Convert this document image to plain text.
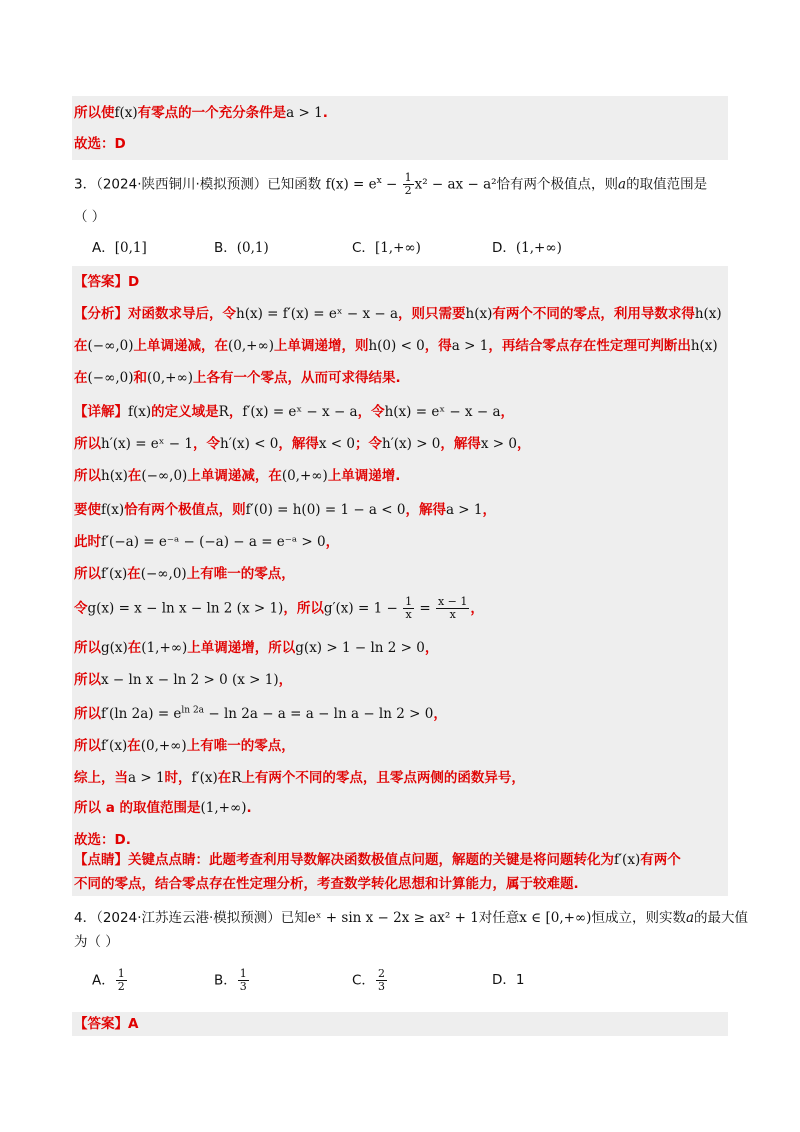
所以使f(x)有零点的一个充分条件是a > 1.
故选：D
3．（2024·陕西铜川·模拟预测）已知函数 $f(x) = e^x - \frac{1}{2} x^2$ − ax − a²恰有两个极值点，则a的取值范围是
（ ）
A．[0,1]	B．(0,1)	C．[1,+∞)	D．(1,+∞)
【答案】D
【分析】对函数求导后，令h(x) = f′(x) = eˣ − x − a，则只需要h(x)有两个不同的零点，利用导数求得h(x)
在(−∞,0)上单调递减，在(0,+∞)上单调递增，则h(0) < 0，得a > 1，再结合零点存在性定理可判断出h(x)
在(−∞,0)和(0,+∞)上各有一个零点，从而可求得结果.
【详解】f(x)的定义域是R，f′(x) = eˣ − x − a，令h(x) = eˣ − x − a，
所以h′(x) = eˣ − 1，令h′(x) < 0，解得x < 0；令h′(x) > 0，解得x > 0，
所以h(x)在(−∞,0)上单调递减，在(0,+∞)上单调递增.
要使f(x)恰有两个极值点，则f′(0) = h(0) = 1 − a < 0，解得a > 1，
此时f′(−a) = e⁻ᵃ − (−a) − a = e⁻ᵃ > 0，
所以f′(x)在(−∞,0)上有唯一的零点，
令g(x) = x − ln x − ln 2 (x > 1)，所以$g'(x) = 1 - \frac{1}{x} = \frac{x - 1}{x}$ ，
所以g(x)在(1,+∞)上单调递增，所以g(x) > 1 − ln 2 > 0，
所以x − ln x − ln 2 > 0 (x > 1)，
所以f′(ln $2a) = e^{ln 2a} - \ln 2a - a = a - \ln a - \ln 2 > 0$，
所以f′(x)在(0,+∞)上有唯一的零点，
综上，当a > 1时，f′(x)在R上有两个不同的零点，且零点两侧的函数异号，
所以 a 的取值范围是(1,+∞).
故选：D.
【点睛】关键点点睛：此题考查利用导数解决函数极值点问题，解题的关键是将问题转化为f′(x)有两个
不同的零点，结合零点存在性定理分析，考查数学转化思想和计算能力，属于较难题.
4．（2024·江苏连云港·模拟预测）已知eˣ + sin x − 2x ≥ ax² + 1对任意x ∈ [0,+∞)恒成立，则实数a的最大值
为（ ）
A． $\frac{1}{2}$	B． $\frac{1}{3}$	C． $\frac{2}{3}$	D．1
【答案】A
